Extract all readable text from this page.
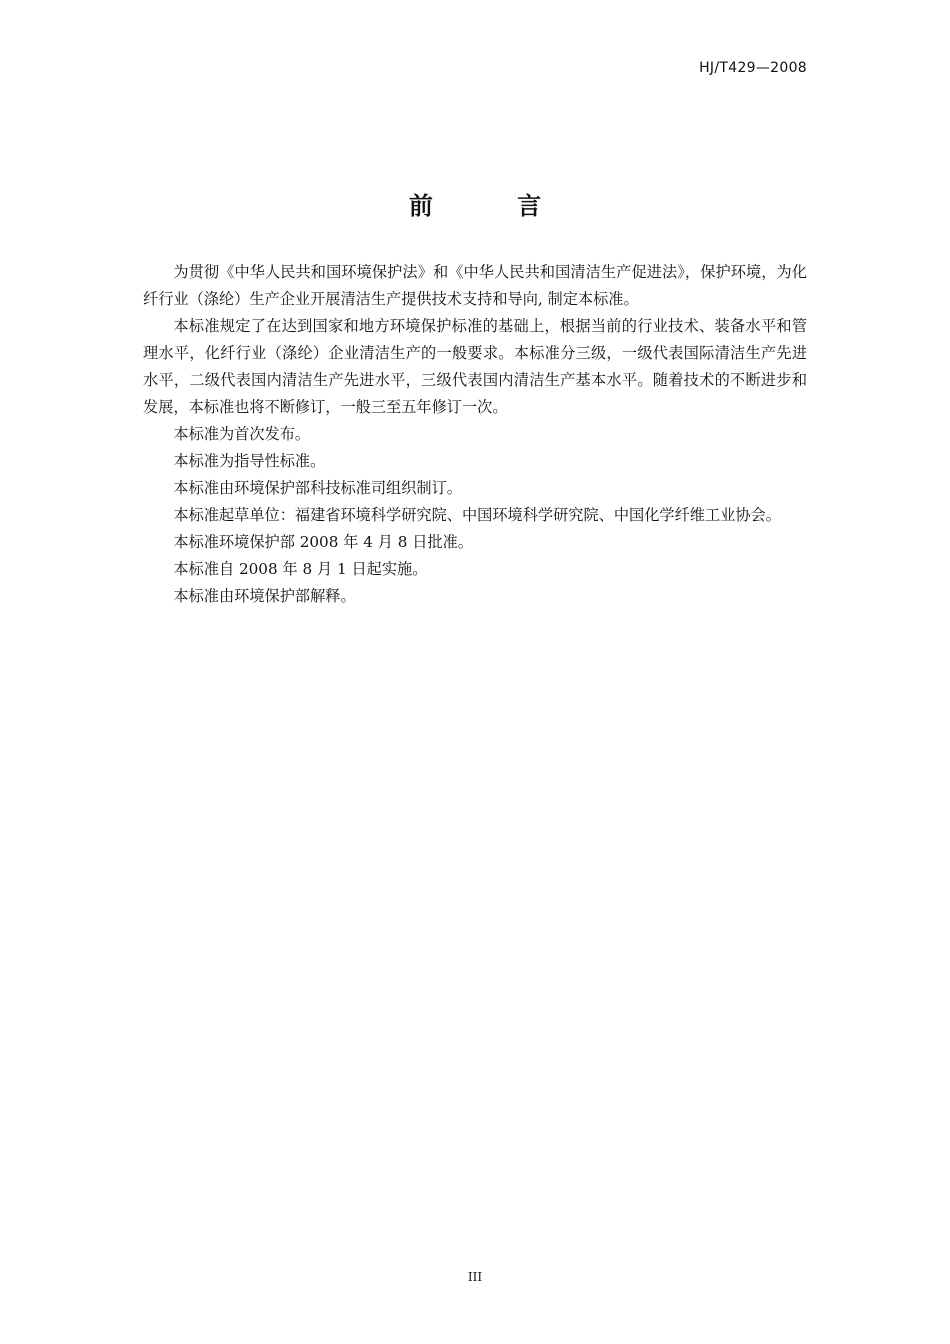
HJ/T429—2008
前 言

为贯彻《中华人民共和国环境保护法》和《中华人民共和国清洁生产促进法》，保护环境，为化纤行业（涤纶）生产企业开展清洁生产提供技术支持和导向, 制定本标准。

本标准规定了在达到国家和地方环境保护标准的基础上，根据当前的行业技术、装备水平和管理水平，化纤行业（涤纶）企业清洁生产的一般要求。本标准分三级，一级代表国际清洁生产先进水平，二级代表国内清洁生产先进水平，三级代表国内清洁生产基本水平。随着技术的不断进步和发展，本标准也将不断修订，一般三至五年修订一次。

本标准为首次发布。

本标准为指导性标准。

本标准由环境保护部科技标准司组织制订。

本标准起草单位：福建省环境科学研究院、中国环境科学研究院、中国化学纤维工业协会。

本标准环境保护部 2008 年 4 月 8 日批准。

本标准自 2008 年 8 月 1 日起实施。

本标准由环境保护部解释。

III
